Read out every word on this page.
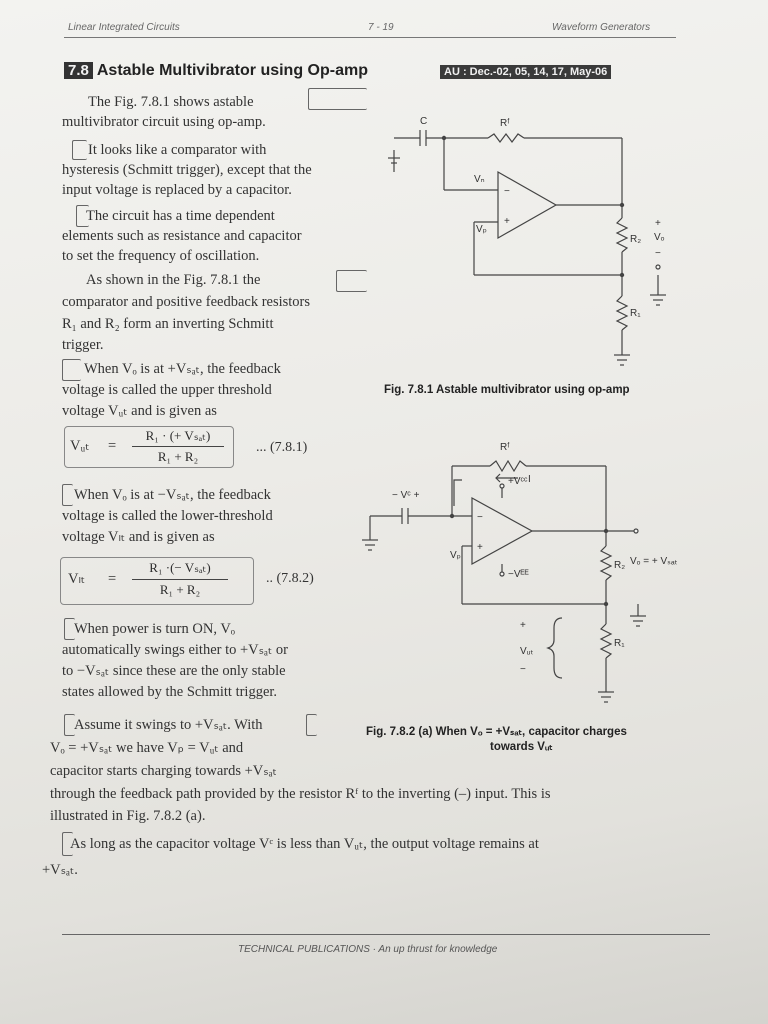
Linear Integrated Circuits	7 - 19	Waveform Generators
7.8 Astable Multivibrator using Op-amp	AU : Dec.-02, 05, 14, 17, May-06
The Fig. 7.8.1 shows astable
multivibrator circuit using op-amp.
It looks like a comparator with
hysteresis (Schmitt trigger), except that the
input voltage is replaced by a capacitor.
The circuit has a time dependent
elements such as resistance and capacitor
to set the frequency of oscillation.
As shown in the Fig. 7.8.1 the
comparator and positive feedback resistors
R₁ and R₂ form an inverting Schmitt
trigger.
When Vₒ is at +Vₛₐₜ, the feedback
voltage is called the upper threshold
voltage Vᵤₜ and is given as
Vᵤₜ =
R₁ · (+ Vₛₐₜ)
R₁ + R₂
... (7.8.1)
When Vₒ is at −Vₛₐₜ, the feedback
voltage is called the lower-threshold
voltage Vₗₜ and is given as
Vₗₜ =
R₁ ·(− Vₛₐₜ)
R₁ + R₂
.. (7.8.2)
When power is turn ON, Vₒ
automatically swings either to +Vₛₐₜ or
to −Vₛₐₜ since these are the only stable
states allowed by the Schmitt trigger.
Assume it swings to +Vₛₐₜ. With
Vₒ = +Vₛₐₜ we have Vₚ = Vᵤₜ and
capacitor starts charging towards +Vₛₐₜ
through the feedback path provided by the resistor Rᶠ to the inverting (–) input. This is
illustrated in Fig. 7.8.2 (a).
As long as the capacitor voltage Vᶜ is less than Vᵤₜ, the output voltage remains at
+Vₛₐₜ.
C	Rᶠ
Vₙ
Vₚ
−
+
R₂
R₁
Vₒ
+
−
Fig. 7.8.1 Astable multivibrator using op-amp
Rᶠ
I
+Vᶜᶜ
−Vᴱᴱ
− Vᶜ +
Vₚ
−
+
R₂
R₁
Vₒ = + Vₛₐₜ
Vᵤₜ
+
−
Fig. 7.8.2 (a) When Vₒ = +Vₛₐₜ, capacitor charges
towards Vᵤₜ
TECHNICAL PUBLICATIONS · An up thrust for knowledge
